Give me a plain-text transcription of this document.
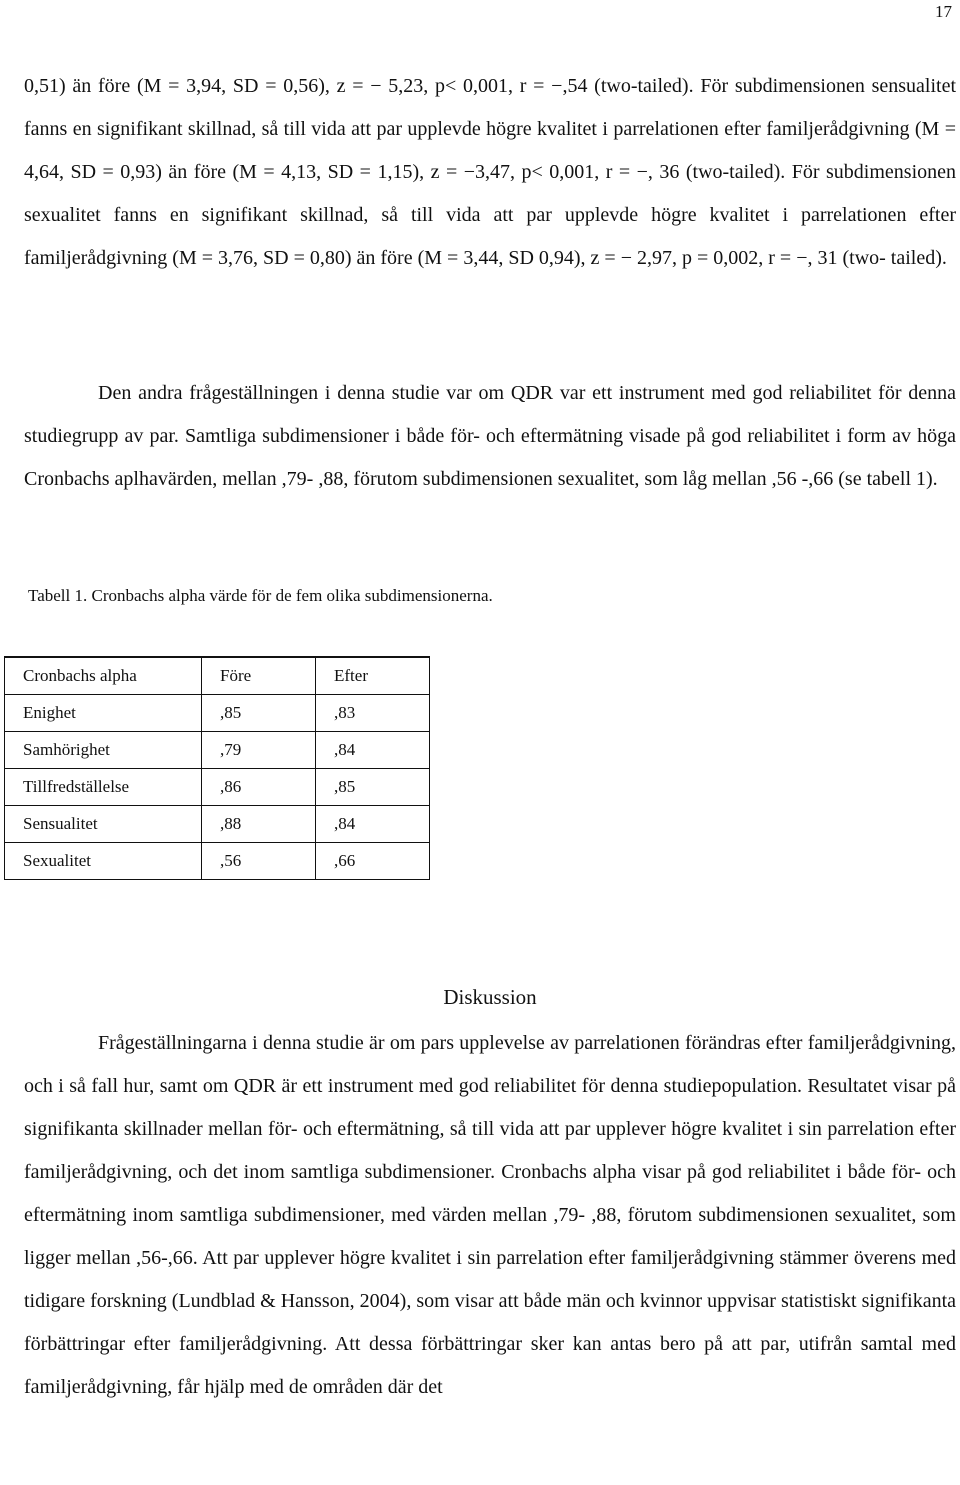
17

0,51) än före (M = 3,94, SD = 0,56), z = − 5,23, p< 0,001, r = −,54 (two-tailed). För subdimensionen sensualitet fanns en signifikant skillnad, så till vida att par upplevde högre kvalitet i parrelationen efter familjerådgivning (M = 4,64, SD = 0,93) än före (M = 4,13, SD = 1,15), z = −3,47, p< 0,001, r = −, 36 (two-tailed). För subdimensionen sexualitet fanns en signifikant skillnad, så till vida att par upplevde högre kvalitet i parrelationen efter familjerådgivning (M = 3,76, SD = 0,80) än före (M = 3,44, SD 0,94), z = − 2,97, p = 0,002, r = −, 31 (two- tailed).

Den andra frågeställningen i denna studie var om QDR var ett instrument med god reliabilitet för denna studiegrupp av par. Samtliga subdimensioner i både för- och eftermätning visade på god reliabilitet i form av höga Cronbachs aplhavärden, mellan ,79- ,88, förutom subdimensionen sexualitet, som låg mellan ,56 -,66 (se tabell 1).

Tabell 1. Cronbachs alpha värde för de fem olika subdimensionerna.
Cronbachs alpha	Före	Efter
Enighet	,85	,83
Samhörighet	,79	,84
Tillfredställelse	,86	,85
Sensualitet	,88	,84
Sexualitet	,56	,66
Diskussion

Frågeställningarna i denna studie är om pars upplevelse av parrelationen förändras efter familjerådgivning, och i så fall hur, samt om QDR är ett instrument med god reliabilitet för denna studiepopulation. Resultatet visar på signifikanta skillnader mellan för- och eftermätning, så till vida att par upplever högre kvalitet i sin parrelation efter familjerådgivning, och det inom samtliga subdimensioner. Cronbachs alpha visar på god reliabilitet i både för- och eftermätning inom samtliga subdimensioner, med värden mellan ,79- ,88, förutom subdimensionen sexualitet, som ligger mellan ,56-,66. Att par upplever högre kvalitet i sin parrelation efter familjerådgivning stämmer överens med tidigare forskning (Lundblad & Hansson, 2004), som visar att både män och kvinnor uppvisar statistiskt signifikanta förbättringar efter familjerådgivning. Att dessa förbättringar sker kan antas bero på att par, utifrån samtal med familjerådgivning, får hjälp med de områden där det
